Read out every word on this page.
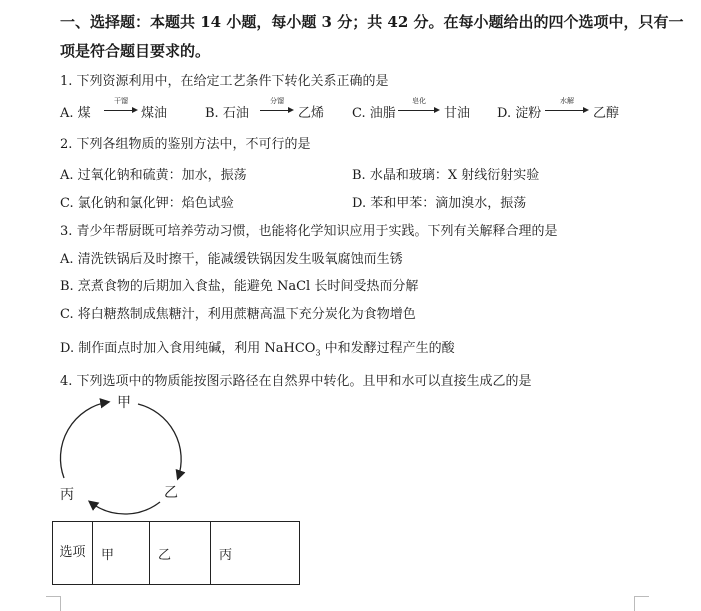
一、选择题：本题共 14 小题，每小题 3 分；共 42 分。在每小题给出的四个选项中，只有一
项是符合题目要求的。
1. 下列资源利用中，在给定工艺条件下转化关系正确的是
A. 煤
干馏
煤油	B. 石油
分馏
乙烯 C. 油脂
皂化
甘油 D. 淀粉
水解
乙醇
2. 下列各组物质的鉴别方法中，不可行的是
A. 过氧化钠和硫黄：加水，振荡	B. 水晶和玻璃：X 射线衍射实验
C. 氯化钠和氯化钾：焰色试验	D. 苯和甲苯：滴加溴水，振荡
3. 青少年帮厨既可培养劳动习惯，也能将化学知识应用于实践。下列有关解释合理的是
A. 清洗铁锅后及时擦干，能减缓铁锅因发生吸氧腐蚀而生锈
B. 烹煮食物的后期加入食盐，能避免 NaCl 长时间受热而分解
C. 将白糖熬制成焦糖汁，利用蔗糖高温下充分炭化为食物增色
D. 制作面点时加入食用纯碱，利用 NaHCO$_3$ 中和发酵过程产生的酸
4. 下列选项中的物质能按图示路径在自然界中转化。且甲和水可以直接生成乙的是
甲
乙
丙
选项	甲	乙	丙
